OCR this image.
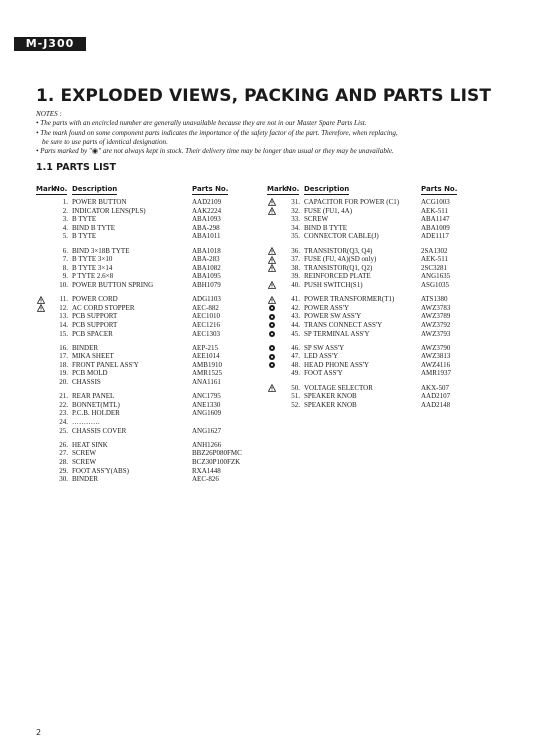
M-J300
1. EXPLODED VIEWS, PACKING AND PARTS LIST
NOTES :
• The parts with an encircled number are generally unavailable because they are not in our Master Spare Parts List.
• The mark found on some component parts indicates the importance of the safety factor of the part. Therefore, when replacing,
be sure to use parts of identical designation.
• Parts marked by "◉" are not always kept in stock. Their delivery time may be longer than usual or they may be unavailable.
1.1 PARTS LIST
Mark
No. Description	Parts No.
1. POWER BUTTON	AAD2109
2. INDICATOR LENS(PLS)	AAK2224
3. B TYTE	ABA1093
4. BIND B TYTE	ABA-298
5. B TYTE	ABA1011
6. BIND 3×18B TYTE	ABA1018
7. B TYTE 3×10	ABA-283
8. B TYTE 3×14	ABA1082
9. P TYTE 2.6×8	ABA1095
10. POWER BUTTON SPRING	ABH1079
11. POWER CORD	ADG1103
12. AC CORD STOPPER	AEC-882
13. PCB SUPPORT	AEC1010
14. PCB SUPPORT	AEC1216
15. PCB SPACER	AEC1303
16. BINDER	AEP-215
17. MIKA SHEET	AEE1014
18. FRONT PANEL ASS'Y	AMB1910
19. PCB MOLD	AMR1525
20. CHASSIS	ANA1161
21. REAR PANEL	ANC1795
22. BONNET(MTL)	ANE1330
23. P.C.B. HOLDER	ANG1609
24. …………
25. CHASSIS COVER	ANG1627
26. HEAT SINK	ANH1266
27. SCREW	BBZ26P080FMC
28. SCREW	BCZ30P100FZK
29. FOOT ASS'Y(ABS)	RXA1448
30. BINDER	AEC-826
Mark No. Description	Parts No.
31. CAPACITOR FOR POWER (C1)	ACG1003
32. FUSE (FU1, 4A)	AEK-511
33. SCREW	ABA1147
34. BIND B TYTE	ABA1009
35. CONNECTOR CABLE(J)	ADE1117
36. TRANSISTOR(Q3, Q4)	2SA1302
37. FUSE (FU, 4A)(SD only)	AEK-511
38. TRANSISTOR(Q1, Q2)	2SC3281
39. REINFORCED PLATE	ANG1635
40. PUSH SWITCH(S1)	ASG1035
41. POWER TRANSFORMER(T1)	ATS1380
42. POWER ASS'Y	AWZ3783
43. POWER SW ASS'Y	AWZ3789
44. TRANS CONNECT ASS'Y	AWZ3792
45. SP TERMINAL ASS'Y	AWZ3793
46. SP SW ASS'Y	AWZ3790
47. LED ASS'Y	AWZ3813
48. HEAD PHONE ASS'Y	AWZ4116
49. FOOT ASS'Y	AMR1937
50. VOLTAGE SELECTOR	AKX-507
51. SPEAKER KNOB	AAD2107
52. SPEAKER KNOB	AAD2148
2
